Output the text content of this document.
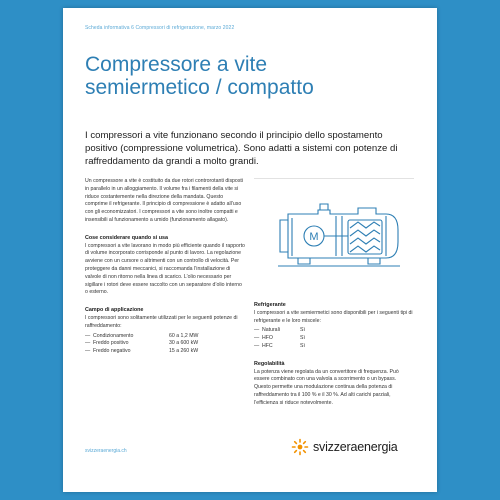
Scheda informativa 6 Compressori di refrigerazione, marzo 2022
Compressore a vite
semiermetico / compatto
I compressori a vite funzionano secondo il principio dello spostamento positivo (compressione volumetrica). Sono adatti a sistemi con potenze di raffreddamento da grandi a molto grandi.

Un compressore a vite è costituito da due rotori controrotanti disposti in parallelo in un alloggiamento. Il volume fra i filamenti della vite si riduce costantemente nella direzione della mandata. Questo comprime il refrigerante. Il principio di compressione è adatto all’uso con gli economizzatori. I compressori a vite sono inoltre compatti e insensibili al funzionamento a umido (funzionamento allagato).

Cose considerare quando si usa

I compressori a vite lavorano in modo più efficiente quando il rapporto di volume incorporato corrisponde al punto di lavoro. La regolazione avviene con un cursore o altrimenti con un controllo di velocità. Per proteggere da danni meccanici, si raccomanda l’installazione di valvole di non ritorno nella linea di scarico. L’olio necessario per sigillare i rotori deve essere raccolto con un separatore d’olio interno o esterno.

Campo di applicazione

I compressori sono solitamente utilizzati per le seguenti potenze di raffreddamento:

— Condizionamento	60 a 1,2 MW
— Freddo positivo	30 a 600 kW
— Freddo negativo	15 a 260 kW
M
Refrigerante

I compressori a vite semiermetici sono disponibili per i seguenti tipi di refrigerante e le loro miscele:

— Naturali	Sì
— HFO	Sì
— HFC	Sì
Regolabilità

La potenza viene regolata da un convertitore di frequenza. Può essere combinato con una valvola a scorrimento o un bypass. Questo permette una modulazione continua della potenza di raffreddamento tra il 100 % e il 30 %. Ad alti carichi parziali, l’efficienza si riduce notevolmente.

svizzeraenergia.ch	svizzeraenergia
